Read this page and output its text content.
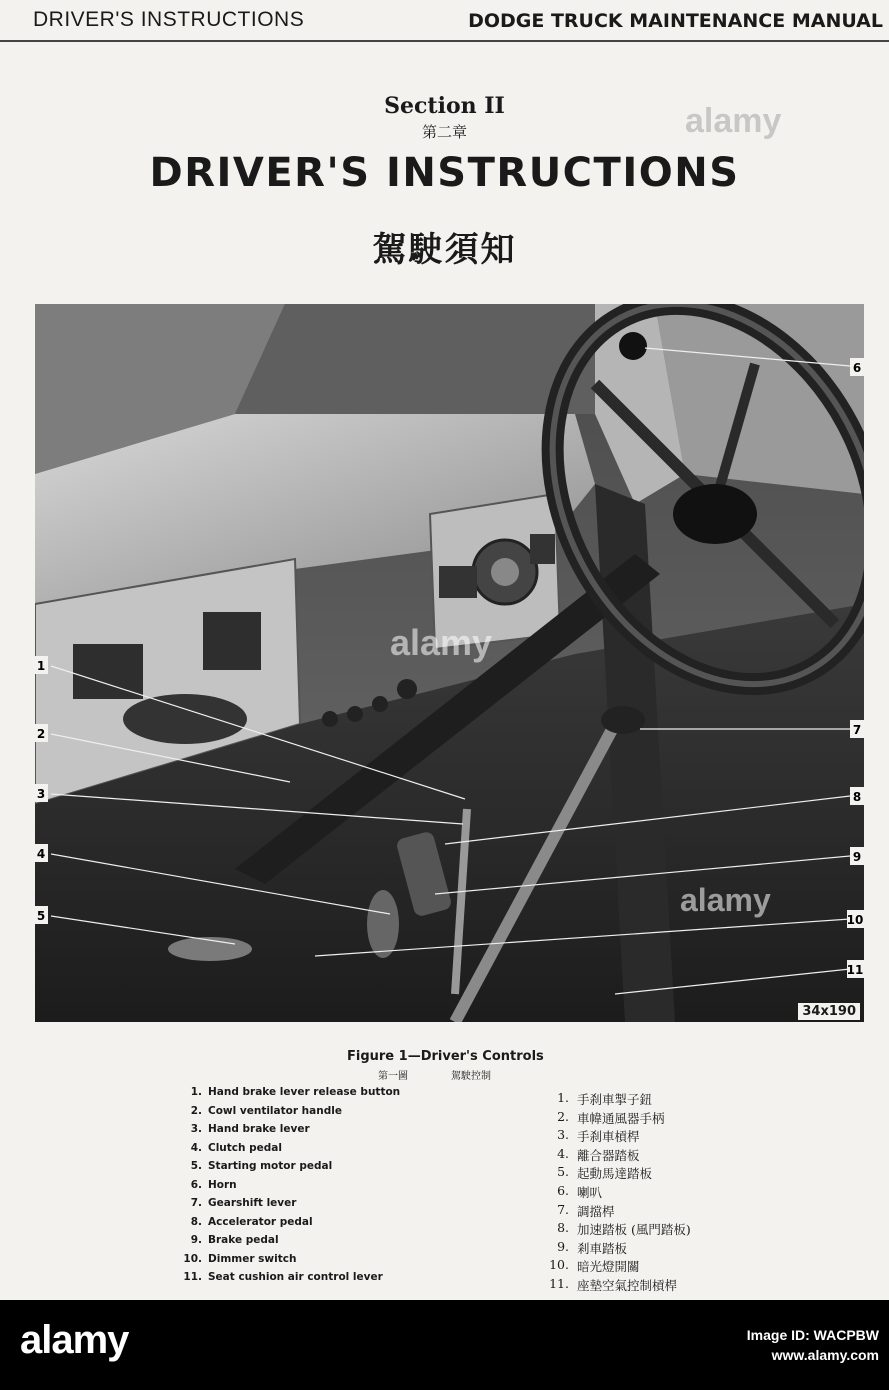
DRIVER'S INSTRUCTIONS	DODGE TRUCK MAINTENANCE MANUAL
Section II
第二章
DRIVER'S INSTRUCTIONS
駕駛須知
1
2
3
4
5
6
7
8
9
10
11
34x190
alamy
alamy
alamy
Figure 1—Driver's Controls
第一圖	駕駛控制
1. Hand brake lever release button
2. Cowl ventilator handle
3. Hand brake lever
4. Clutch pedal
5. Starting motor pedal
6. Horn
7. Gearshift lever
8. Accelerator pedal
9. Brake pedal
10. Dimmer switch
11. Seat cushion air control lever
1. 手刹車掣子鈕
2. 車幃通風器手柄
3. 手刹車槓桿
4. 離合器踏板
5. 起動馬達踏板
6. 喇叭
7. 調擋桿
8. 加速踏板 (風門踏板)
9. 剎車踏板
10. 暗光燈開關
11. 座墊空氣控制槓桿
alamy	Image ID: WACPBW
www.alamy.com
